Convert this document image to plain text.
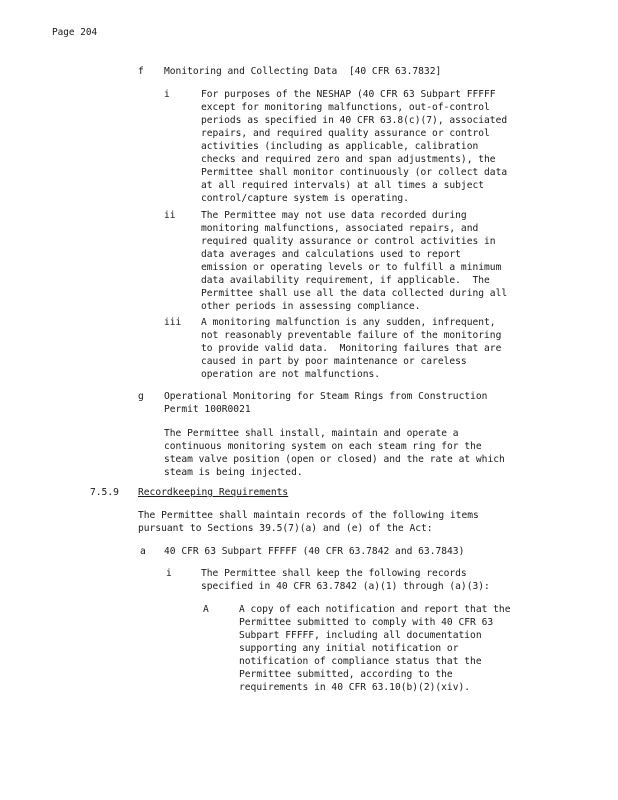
Page 204
f Monitoring and Collecting Data  [40 CFR 63.7832]
i	For purposes of the NESHAP (40 CFR 63 Subpart FFFFF
except for monitoring malfunctions, out-of-control
periods as specified in 40 CFR 63.8(c)(7), associated
repairs, and required quality assurance or control
activities (including as applicable, calibration
checks and required zero and span adjustments), the
Permittee shall monitor continuously (or collect data
at all required intervals) at all times a subject
control/capture system is operating.
ii	The Permittee may not use data recorded during
monitoring malfunctions, associated repairs, and
required quality assurance or control activities in
data averages and calculations used to report
emission or operating levels or to fulfill a minimum
data availability requirement, if applicable.  The
Permittee shall use all the data collected during all
other periods in assessing compliance.
iii A monitoring malfunction is any sudden, infrequent,
not reasonably preventable failure of the monitoring
to provide valid data.  Monitoring failures that are
caused in part by poor maintenance or careless
operation are not malfunctions.
g Operational Monitoring for Steam Rings from Construction
Permit 100R0021
The Permittee shall install, maintain and operate a
continuous monitoring system on each steam ring for the
steam valve position (open or closed) and the rate at which
steam is being injected.
7.5.9 Recordkeeping Requirements
The Permittee shall maintain records of the following items
pursuant to Sections 39.5(7)(a) and (e) of the Act:
a 40 CFR 63 Subpart FFFFF (40 CFR 63.7842 and 63.7843)
i	The Permittee shall keep the following records
specified in 40 CFR 63.7842 (a)(1) through (a)(3):
A	A copy of each notification and report that the
Permittee submitted to comply with 40 CFR 63
Subpart FFFFF, including all documentation
supporting any initial notification or
notification of compliance status that the
Permittee submitted, according to the
requirements in 40 CFR 63.10(b)(2)(xiv).
